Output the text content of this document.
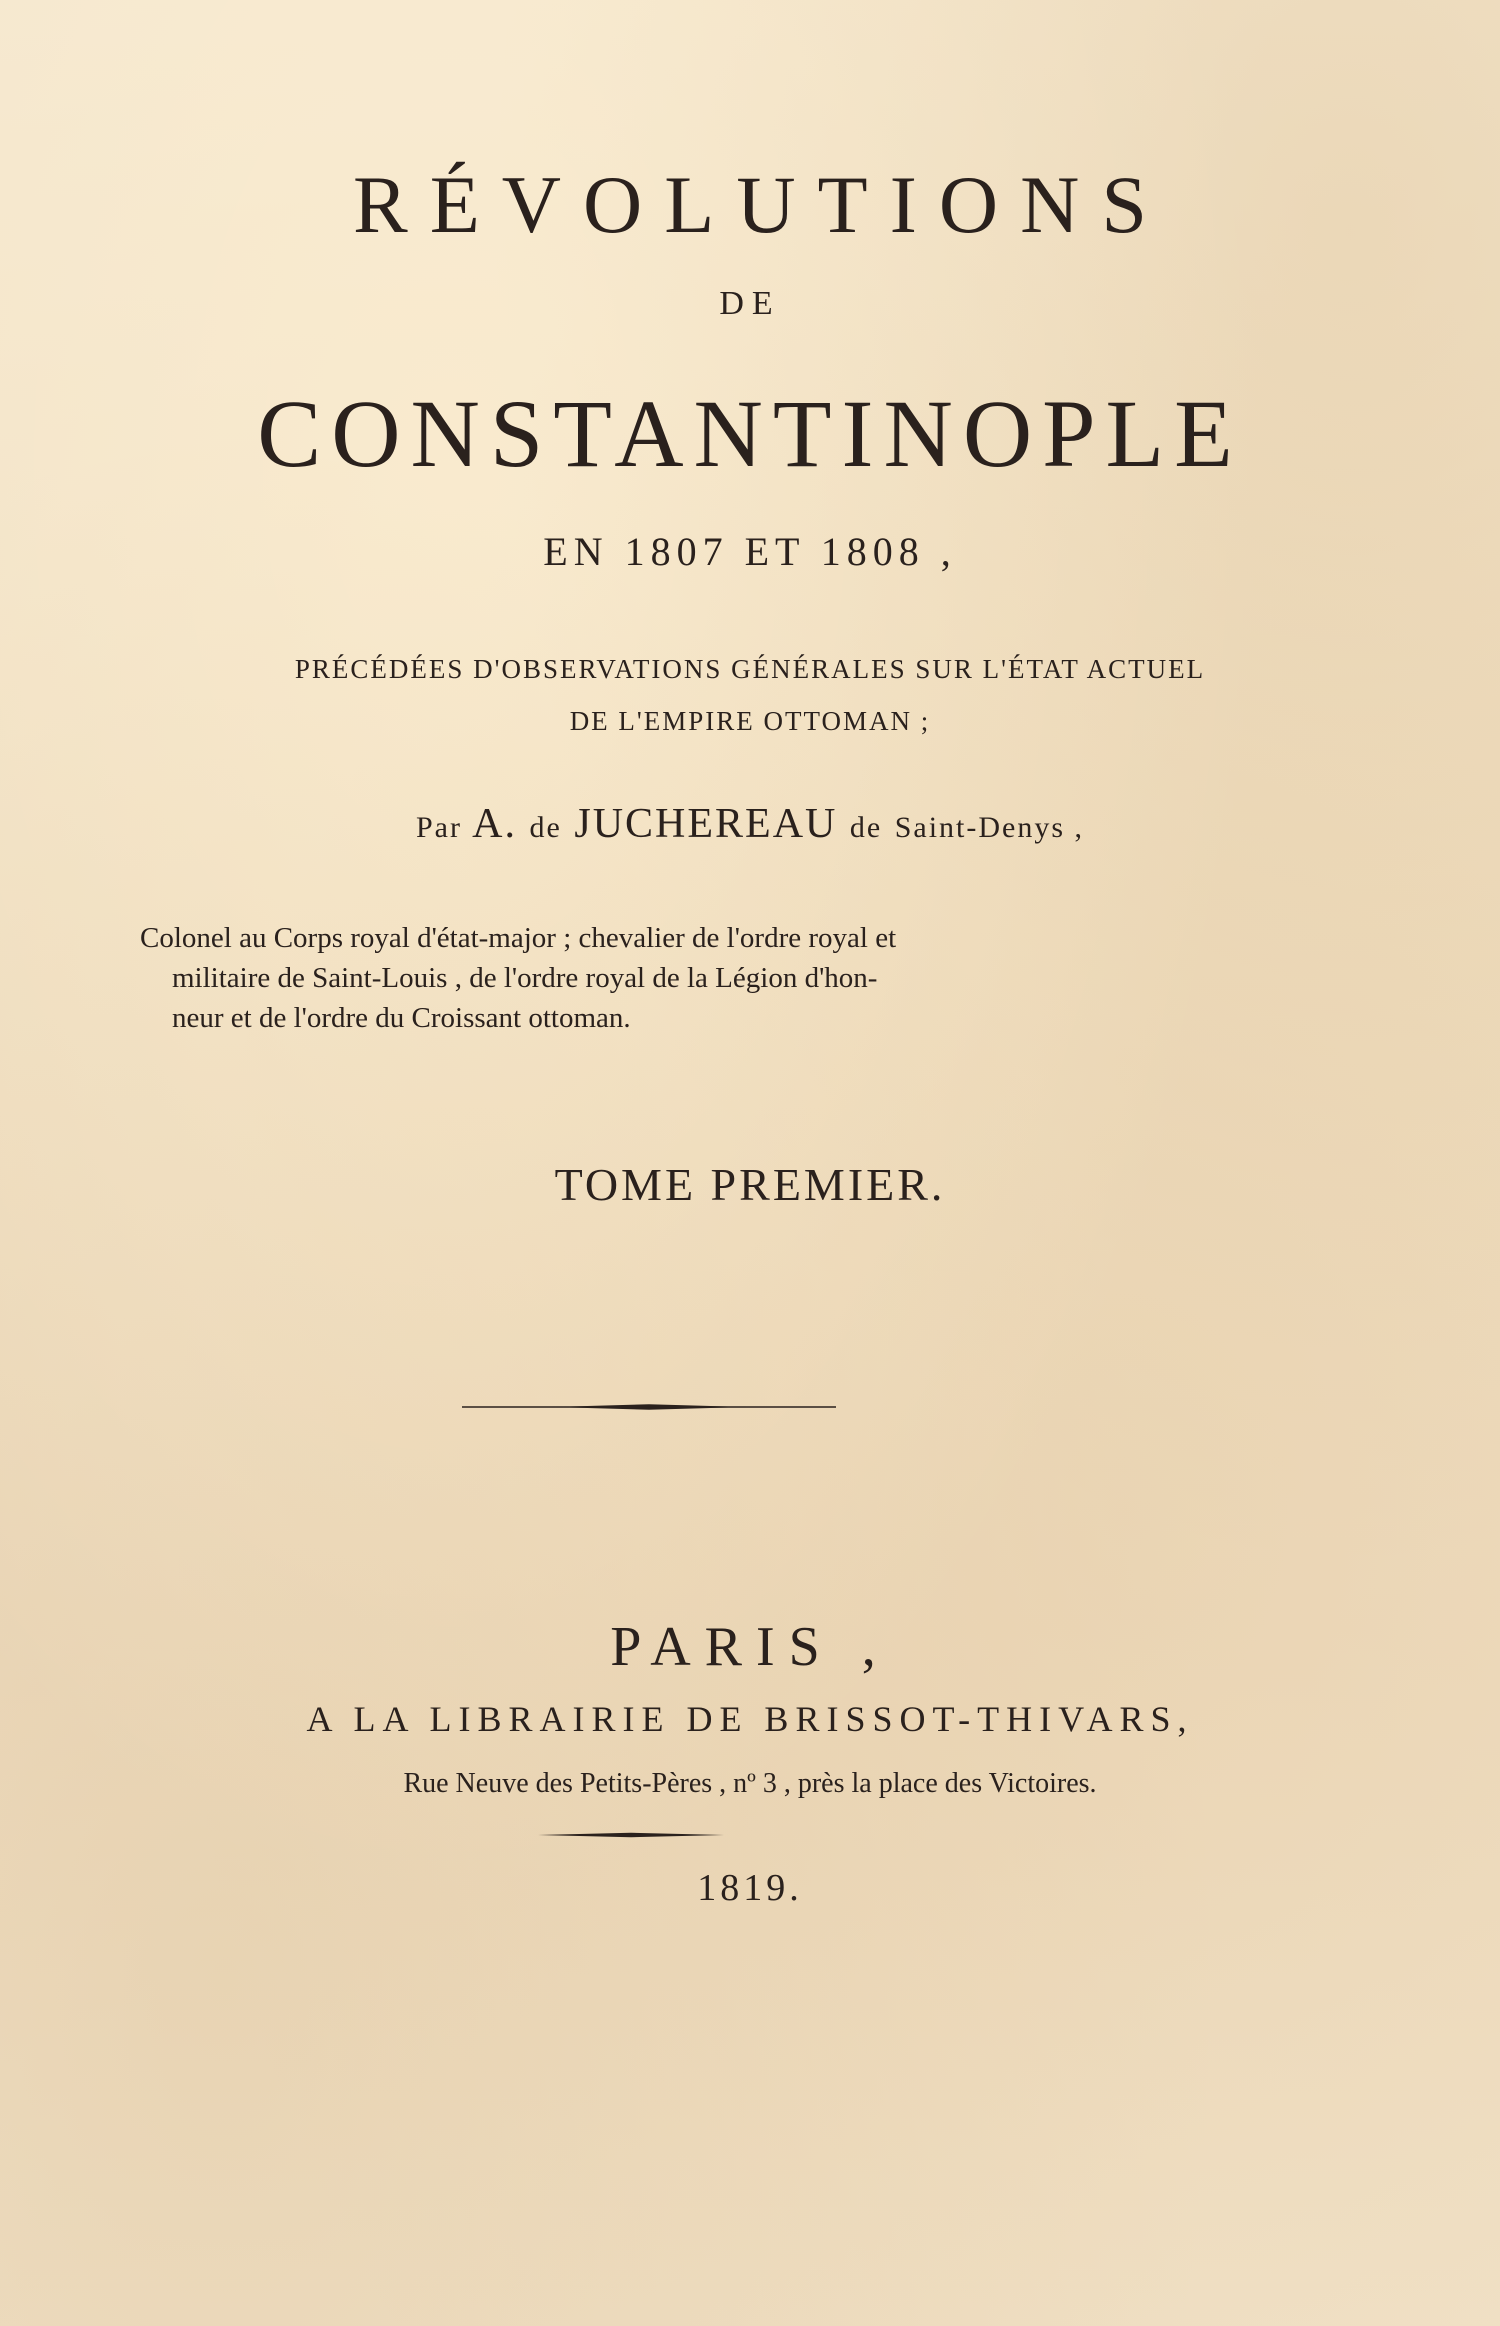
RÉVOLUTIONS
DE
CONSTANTINOPLE
EN 1807 ET 1808 ,
PRÉCÉDÉES D'OBSERVATIONS GÉNÉRALES SUR L'ÉTAT ACTUEL
DE L'EMPIRE OTTOMAN ;
Par A. de JUCHEREAU de Saint-Denys ,
Colonel au Corps royal d'état-major ; chevalier de l'ordre royal et
militaire de Saint-Louis , de l'ordre royal de la Légion d'hon-
neur et de l'ordre du Croissant ottoman.
TOME PREMIER.
PARIS ,
A LA LIBRAIRIE DE BRISSOT-THIVARS,
Rue Neuve des Petits-Pères , nº 3 , près la place des Victoires.
1819.
